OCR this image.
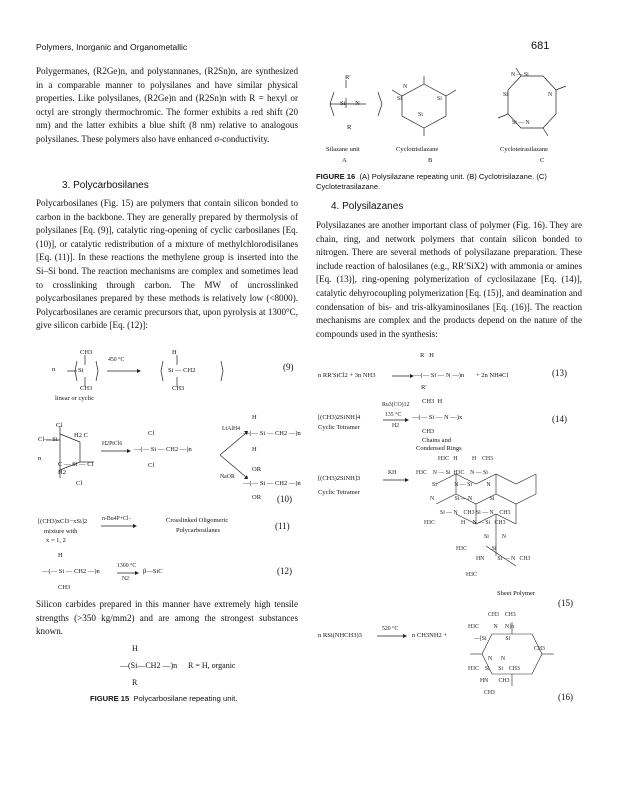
Polymers, Inorganic and Organometallic	681

Polygermanes, (R2Ge)n, and polystannanes, (R2Sn)n, are synthesized in a comparable manner to polysilanes and have similar physical properties. Like polysilanes, (R2Ge)n and (R2Sn)n with R = hexyl or octyl are strongly thermochromic. The former exhibits a red shift (20 nm) and the latter exhibits a blue shift (8 nm) relative to analogous polysilanes. These polymers also have enhanced σ-conductivity.

3. Polycarbosilanes

Polycarbosilanes (Fig. 15) are polymers that contain silicon bonded to carbon in the backbone. They are generally prepared by thermolysis of polysilanes [Eq. (9)], catalytic ring-opening of cyclic carbosilanes [Eq. (10)], or catalytic redistribution of a mixture of methylchlorodisilanes [Eq. (11)]. In these reactions the methylene group is inserted into the Si–Si bond. The reaction mechanisms are complex and sometimes lead to crosslinking through carbon. The MW of uncrosslinked polycarbosilanes prepared by these methods is relatively low (<8000). Polycarbosilanes are ceramic precursors that, upon pyrolysis at 1300°C, give silicon carbide [Eq. (12)]:

n	Si
CH3
CH3
450 °C
Si — CH2
H
CH3
linear or cyclic
(9)
Cl
Cl— Si
H2 C
n
C — Si — Cl
H2
Cl
H2PtCl6
Cl
—(— Si — CH2 —)n
Cl
LiAlH4
NaOR
H
—(— Si — CH2 —)n
H
OR
—(— Si — CH2 —)n
OR (10)
[(CH3)xCl3−xSi]2
mixture with
x = 1, 2
n-Bu4P+Cl−	Crosslinked Oligomeric
Polycarbosilanes	(11)
H
—(— Si — CH2 —)n
CH3
1300 °C
N2
β—SiC	(12)

Silicon carbides prepared in this manner have extremely high tensile strengths (>350 kg/mm2) and are among the strongest substances known.

H
—(Si—CH2 —)n
R
R = H, organic
FIGURE 15 Polycarbosilane repeating unit.
R′
Si — N
R
N
Si	Si
Si
N — Si
Si	N
Si — N
Silazane unit	Cyclotrisilazane	Cyclotetrasilazane
A	B	C
FIGURE 16 (A) Polysilazane repeating unit. (B) Cyclotrisilazane. (C) Cyclotetrasilazane.
4. Polysilazanes

Polysilazanes are another important class of polymer (Fig. 16). They are chain, ring, and network polymers that contain silicon bonded to nitrogen. There are several methods of polysilazane preparation. These include reaction of halosilanes (e.g., RR′SiX2) with ammonia or amines [Eq. (13)], ring-opening polymerization of cyclosilazane [Eq. (14)], catalytic dehyrocoupling polymerization [Eq. (15)], and deamination and condensation of bis- and tris-alkyaminosilanes [Eq. (16)]. The reaction mechanisms are complex and the products depend on the nature of the compounds used in the synthesis:

R   H
n RR′SiCl2 + 3n NH3	—(— Si — N —)n
R′
+ 2n NH4Cl	(13)
[(CH3)2SiNH]4
Cyclic Tetramer
Ru3(CO)12
135 °C
H2
CH3  H
—(— Si — N —)x
CH3
Chains and
Condensed Rings
(14)
[(CH3)2SiNH]3
Cyclic Tetramer
KH
H3C   H          H    CH3
H3C    N — Si  H3C    N — Si
Si            N — Si          N
N              Si — N            Si
Si — N    CH3 Si — N    CH3
H3C                  H     N — Si   CH3
Si         N
H3C                 Si
HN         Si — N   CH3
H3C
Sheet Polymer
(15)
n RSi(NHCH3)3
520 °C
n CH3NH2 +
CH3    CH3
H3C          N     N]n
—[Si             Si
CH3
N      N
H3C    Si      Si    CH3
HN       CH3
CH3	(16)
